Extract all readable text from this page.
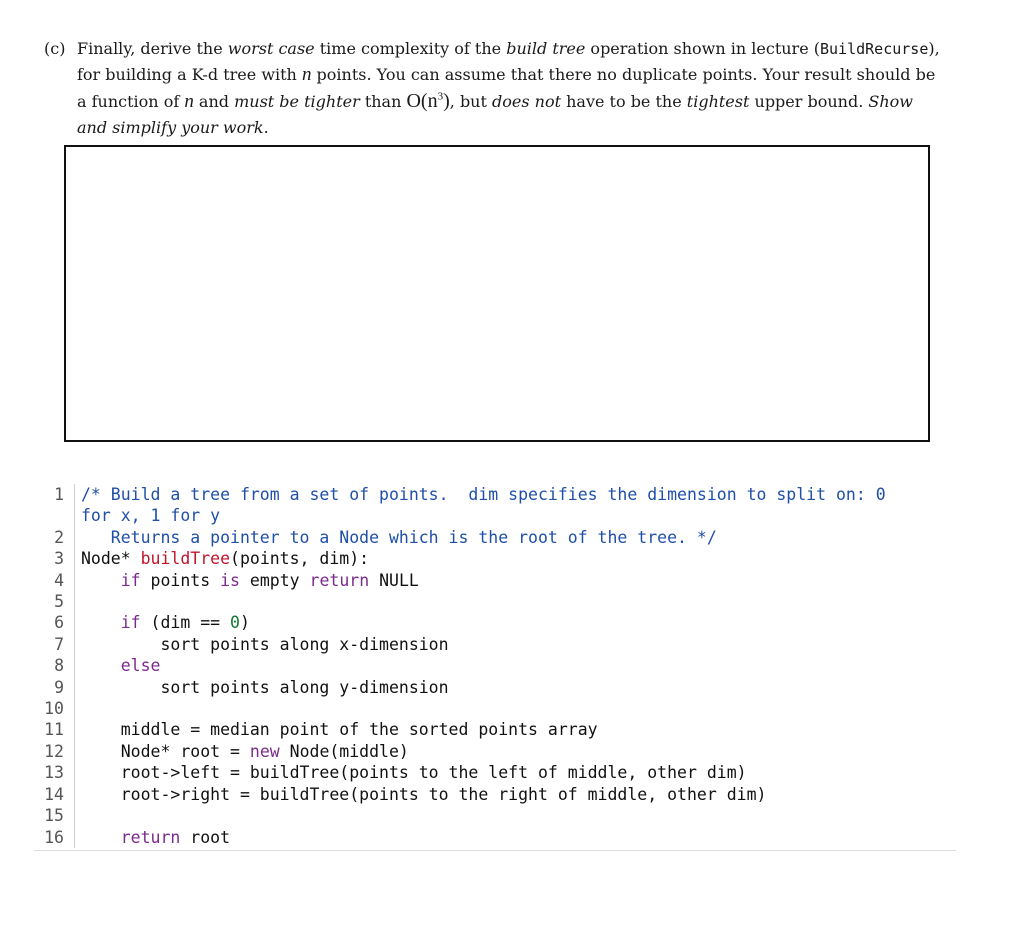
(c) Finally, derive the worst case time complexity of the build tree operation shown in lecture (BuildRecurse), for building a K-d tree with n points. You can assume that there no duplicate points. Your result should be a function of n and must be tighter than $O(n^3)$, but does not have to be the tightest upper bound. Show and simplify your work.
1	/* Build a tree from a set of points.  dim specifies the dimension to split on: 0
for x, 1 for y
2	Returns a pointer to a Node which is the root of the tree. */
3	Node* buildTree(points, dim):
4	if points is empty return NULL
5

6	if (dim == 0)
7	sort points along x-dimension
8	else
9	sort points along y-dimension
10

11	middle = median point of the sorted points array
12	Node* root = new Node(middle)
13	root->left = buildTree(points to the left of middle, other dim)
14	root->right = buildTree(points to the right of middle, other dim)
15

16	return root
